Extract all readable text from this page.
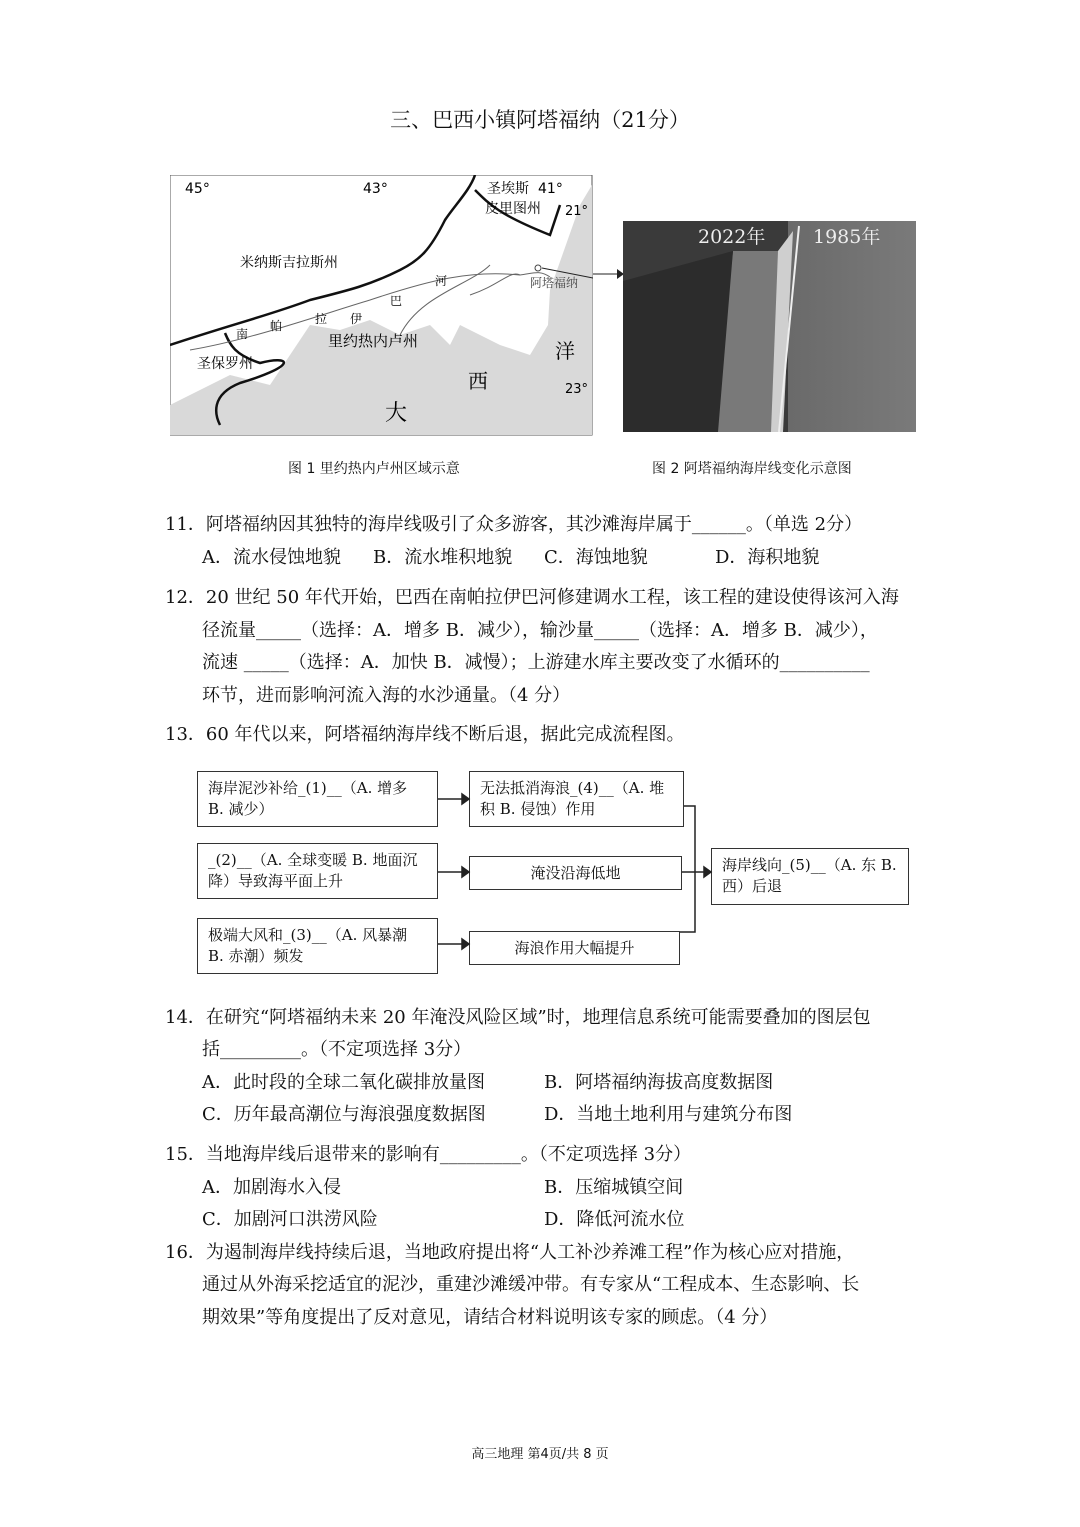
三、巴西小镇阿塔福纳（21分）
45°	43°	圣埃斯 41°
皮里图州 21°
米纳斯吉拉斯州
阿塔福纳
里约热内卢州
圣保罗州
南
帕	拉 伊
巴
河
大
西
洋
23°
2022年	1985年
图 1 里约热内卢州区域示意	图 2 阿塔福纳海岸线变化示意图
11．阿塔福纳因其独特的海岸线吸引了众多游客，其沙滩海岸属于______。（单选 2分）
A．流水侵蚀地貌 B．流水堆积地貌 C．海蚀地貌	D．海积地貌
12．20 世纪 50 年代开始，巴西在南帕拉伊巴河修建调水工程，该工程的建设使得该河入海
径流量_____（选择：A．增多 B．减少），输沙量_____（选择：A．增多 B．减少），
流速 _____（选择：A．加快 B．减慢）；上游建水库主要改变了水循环的__________
环节，进而影响河流入海的水沙通量。（4 分）
13．60 年代以来，阿塔福纳海岸线不断后退，据此完成流程图。
海岸泥沙补给_(1)__（A. 增多 B. 减少）
_(2)__（A. 全球变暖 B. 地面沉降）导致海平面上升
极端大风和_(3)__（A. 风暴潮 B. 赤潮）频发
无法抵消海浪_(4)__（A. 堆积 B. 侵蚀）作用
淹没沿海低地
海浪作用大幅提升
海岸线向_(5)__（A. 东 B. 西）后退
14．在研究“阿塔福纳未来 20 年淹没风险区域”时，地理信息系统可能需要叠加的图层包
括_________。（不定项选择 3分）
A．此时段的全球二氧化碳排放量图	B．阿塔福纳海拔高度数据图
C．历年最高潮位与海浪强度数据图	D．当地土地利用与建筑分布图
15．当地海岸线后退带来的影响有_________。（不定项选择 3分）
A．加剧海水入侵	B．压缩城镇空间
C．加剧河口洪涝风险	D．降低河流水位
16．为遏制海岸线持续后退，当地政府提出将“人工补沙养滩工程”作为核心应对措施，
通过从外海采挖适宜的泥沙，重建沙滩缓冲带。有专家从“工程成本、生态影响、长
期效果”等角度提出了反对意见，请结合材料说明该专家的顾虑。（4 分）
高三地理 第4页/共 8 页
